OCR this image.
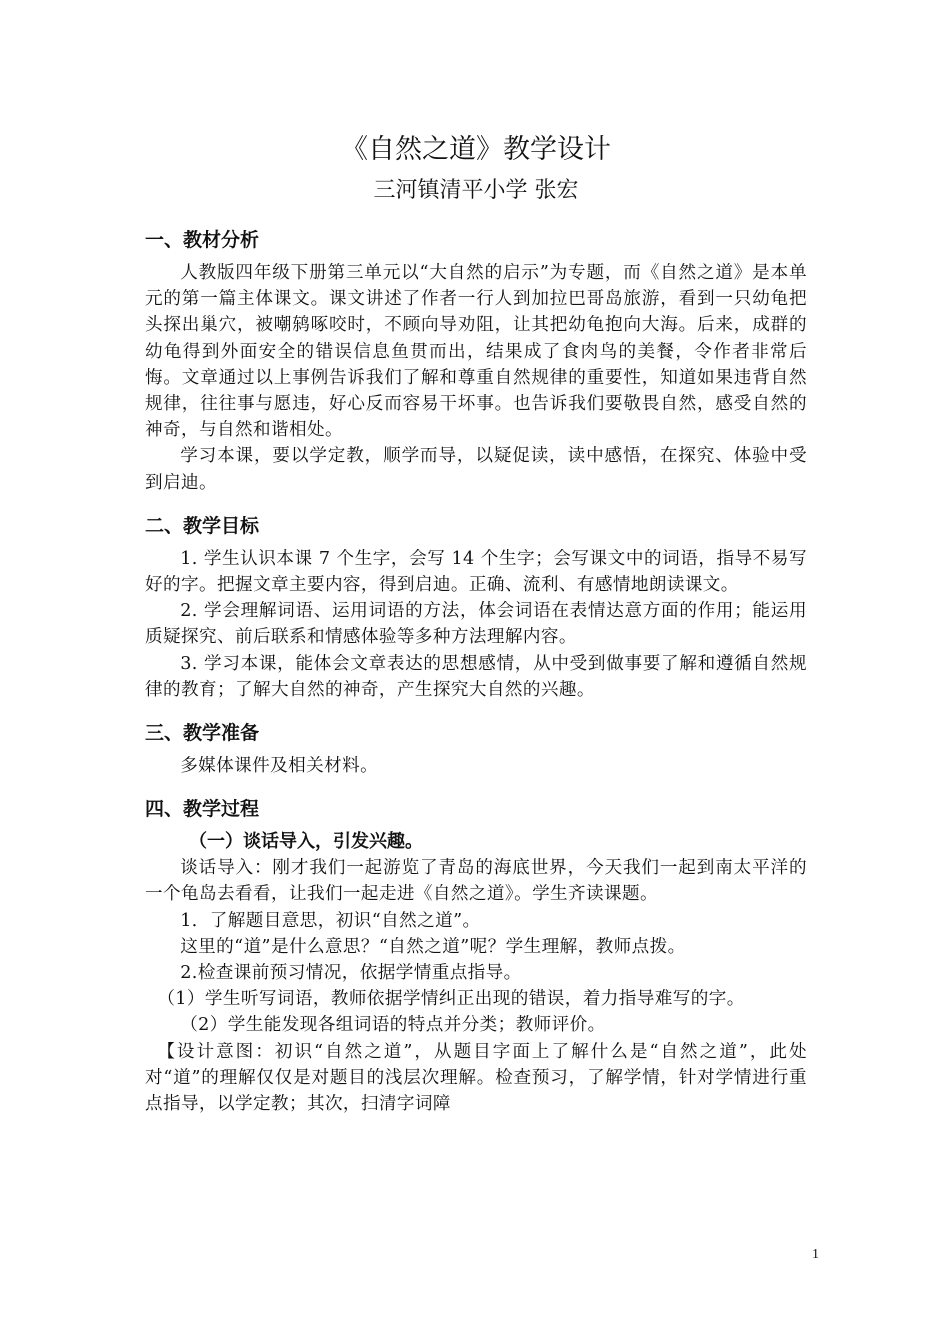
《自然之道》教学设计
三河镇清平小学 张宏
一、教材分析

人教版四年级下册第三单元以“大自然的启示”为专题，而《自然之道》是本单元的第一篇主体课文。课文讲述了作者一行人到加拉巴哥岛旅游，看到一只幼龟把头探出巢穴，被嘲鸫啄咬时，不顾向导劝阻，让其把幼龟抱向大海。后来，成群的幼龟得到外面安全的错误信息鱼贯而出，结果成了食肉鸟的美餐，令作者非常后悔。文章通过以上事例告诉我们了解和尊重自然规律的重要性，知道如果违背自然规律，往往事与愿违，好心反而容易干坏事。也告诉我们要敬畏自然，感受自然的神奇，与自然和谐相处。

学习本课，要以学定教，顺学而导，以疑促读，读中感悟，在探究、体验中受到启迪。

二、教学目标

1. 学生认识本课 7 个生字，会写 14 个生字；会写课文中的词语，指导不易写好的字。把握文章主要内容，得到启迪。正确、流利、有感情地朗读课文。

2. 学会理解词语、运用词语的方法，体会词语在表情达意方面的作用；能运用质疑探究、前后联系和情感体验等多种方法理解内容。

3. 学习本课，能体会文章表达的思想感情，从中受到做事要了解和遵循自然规律的教育；了解大自然的神奇，产生探究大自然的兴趣。

三、教学准备

多媒体课件及相关材料。

四、教学过程
（一）谈话导入，引发兴趣。

谈话导入：刚才我们一起游览了青岛的海底世界，今天我们一起到南太平洋的一个龟岛去看看，让我们一起走进《自然之道》。学生齐读课题。

1．了解题目意思，初识“自然之道”。

这里的“道”是什么意思？“自然之道”呢？学生理解，教师点拨。

2.检查课前预习情况，依据学情重点指导。

（1）学生听写词语，教师依据学情纠正出现的错误，着力指导难写的字。

（2）学生能发现各组词语的特点并分类；教师评价。

【设计意图：初识“自然之道”，从题目字面上了解什么是“自然之道”，此处对“道”的理解仅仅是对题目的浅层次理解。检查预习，了解学情，针对学情进行重点指导，以学定教；其次，扫清字词障

1
